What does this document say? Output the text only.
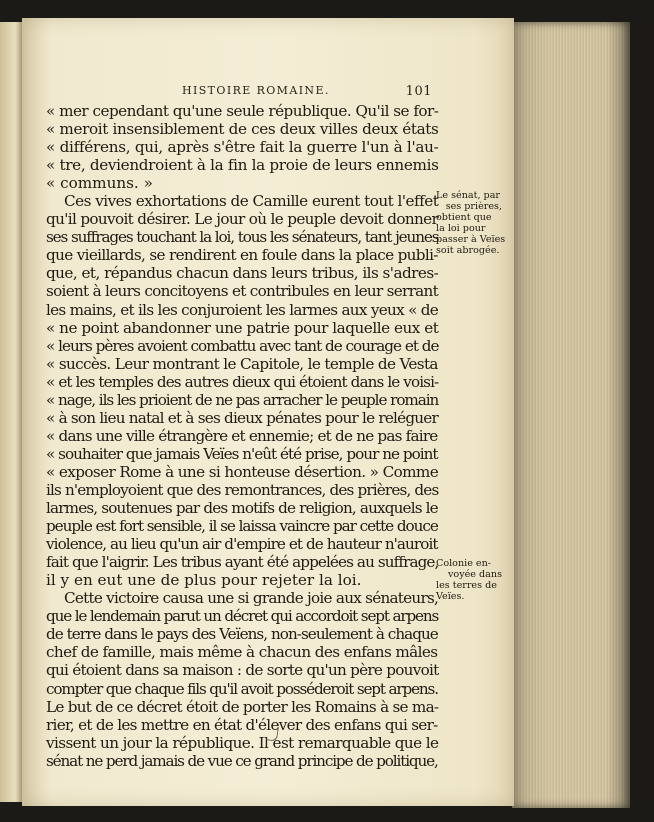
HISTOIRE ROMAINE.	101
« mer cependant qu'une seule république. Qu'il se for-
« meroit insensiblement de ces deux villes deux états
« différens, qui, après s'être fait la guerre l'un à l'au-
« tre, deviendroient à la fin la proie de leurs ennemis
« communs. »
Ces vives exhortations de Camille eurent tout l'effet
qu'il pouvoit désirer. Le jour où le peuple devoit donner
ses suffrages touchant la loi, tous les sénateurs, tant jeunes
que vieillards, se rendirent en foule dans la place publi-
que, et, répandus chacun dans leurs tribus, ils s'adres-
soient à leurs concitoyens et contribules en leur serrant
les mains, et ils les conjuroient les larmes aux yeux « de
« ne point abandonner une patrie pour laquelle eux et
« leurs pères avoient combattu avec tant de courage et de
« succès. Leur montrant le Capitole, le temple de Vesta
« et les temples des autres dieux qui étoient dans le voisi-
« nage, ils les prioient de ne pas arracher le peuple romain
« à son lieu natal et à ses dieux pénates pour le reléguer
« dans une ville étrangère et ennemie; et de ne pas faire
« souhaiter que jamais Veïes n'eût été prise, pour ne point
« exposer Rome à une si honteuse désertion. » Comme
ils n'employoient que des remontrances, des prières, des
larmes, soutenues par des motifs de religion, auxquels le
peuple est fort sensible, il se laissa vaincre par cette douce
violence, au lieu qu'un air d'empire et de hauteur n'auroit
fait que l'aigrir. Les tribus ayant été appelées au suffrage,
il y en eut une de plus pour rejeter la loi.
Cette victoire causa une si grande joie aux sénateurs,
que le lendemain parut un décret qui accordoit sept arpens
de terre dans le pays des Veïens, non-seulement à chaque
chef de famille, mais même à chacun des enfans mâles
qui étoient dans sa maison : de sorte qu'un père pouvoit
compter que chaque fils qu'il avoit posséderoit sept arpens.
Le but de ce décret étoit de porter les Romains à se ma-
rier, et de les mettre en état d'élever des enfans qui ser-
vissent un jour la république. Il est remarquable que le
sénat ne perd jamais de vue ce grand principe de politique,
Le sénat, par
ses prières,
obtient que
la loi pour
passer à Veïes
soit abrogée.
Colonie en-
voyée dans
les terres de
Veïes.
